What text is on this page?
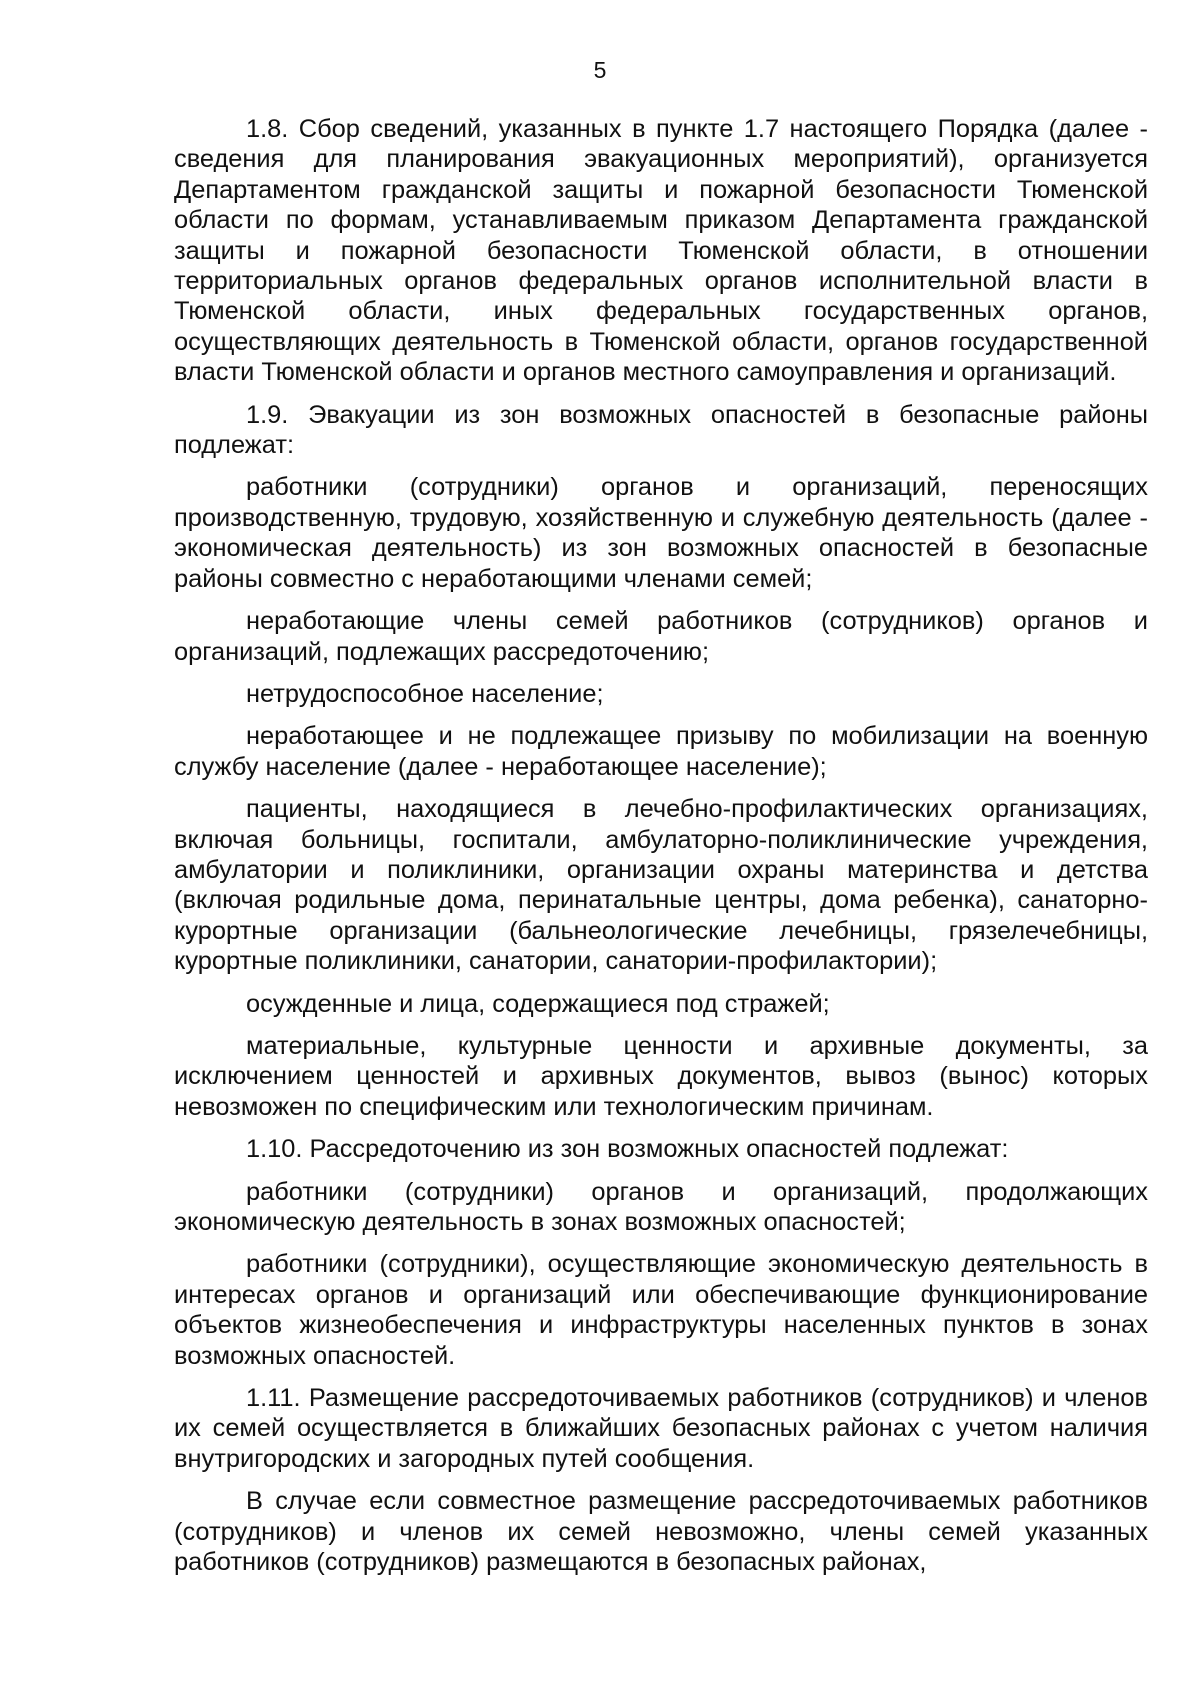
5

1.8. Сбор сведений, указанных в пункте 1.7 настоящего Порядка (далее - сведения для планирования эвакуационных мероприятий), организуется Департаментом гражданской защиты и пожарной безопасности Тюменской области по формам, устанавливаемым приказом Департамента гражданской защиты и пожарной безопасности Тюменской области, в отношении территориальных органов федеральных органов исполнительной власти в Тюменской области, иных федеральных государственных органов, осуществляющих деятельность в Тюменской области, органов государственной власти Тюменской области и органов местного самоуправления и организаций.

1.9. Эвакуации из зон возможных опасностей в безопасные районы подлежат:

работники (сотрудники) органов и организаций, переносящих производственную, трудовую, хозяйственную и служебную деятельность (далее - экономическая деятельность) из зон возможных опасностей в безопасные районы совместно с неработающими членами семей;

неработающие члены семей работников (сотрудников) органов и организаций, подлежащих рассредоточению;

нетрудоспособное население;

неработающее и не подлежащее призыву по мобилизации на военную службу население (далее - неработающее население);

пациенты, находящиеся в лечебно-профилактических организациях, включая больницы, госпитали, амбулаторно-поликлинические учреждения, амбулатории и поликлиники, организации охраны материнства и детства (включая родильные дома, перинатальные центры, дома ребенка), санаторно-курортные организации (бальнеологические лечебницы, грязелечебницы, курортные поликлиники, санатории, санатории-профилактории);

осужденные и лица, содержащиеся под стражей;

материальные, культурные ценности и архивные документы, за исключением ценностей и архивных документов, вывоз (вынос) которых невозможен по специфическим или технологическим причинам.

1.10. Рассредоточению из зон возможных опасностей подлежат:

работники (сотрудники) органов и организаций, продолжающих экономическую деятельность в зонах возможных опасностей;

работники (сотрудники), осуществляющие экономическую деятельность в интересах органов и организаций или обеспечивающие функционирование объектов жизнеобеспечения и инфраструктуры населенных пунктов в зонах возможных опасностей.

1.11. Размещение рассредоточиваемых работников (сотрудников) и членов их семей осуществляется в ближайших безопасных районах с учетом наличия внутригородских и загородных путей сообщения.

В случае если совместное размещение рассредоточиваемых работников (сотрудников) и членов их семей невозможно, члены семей указанных работников (сотрудников) размещаются в безопасных районах,
